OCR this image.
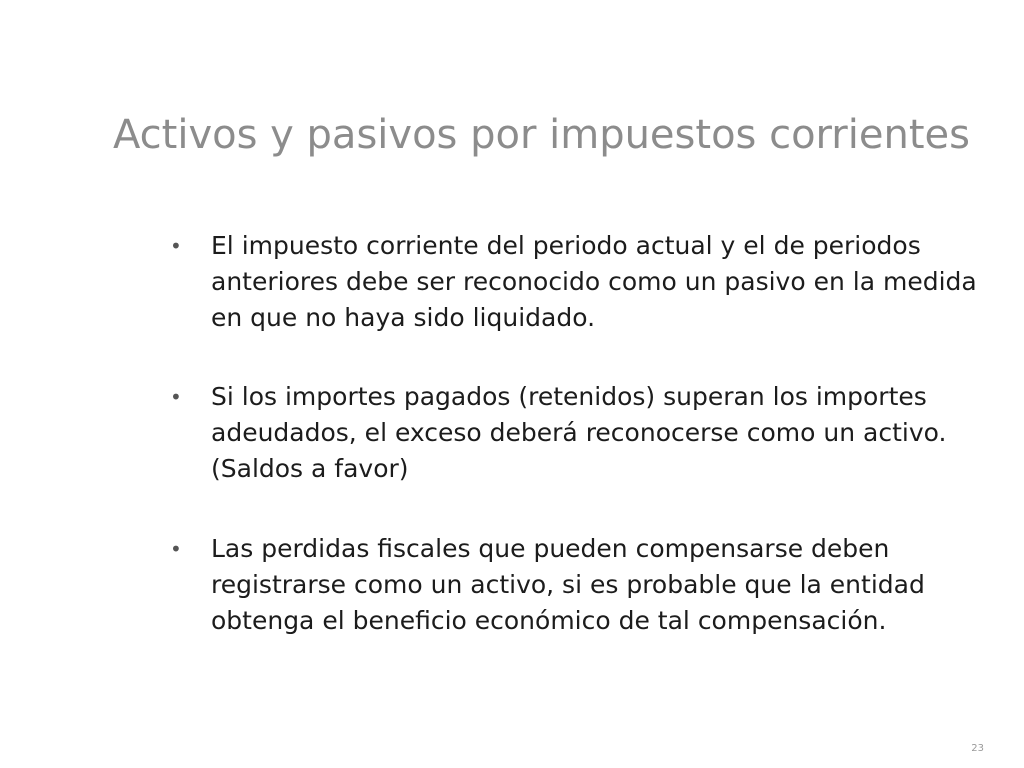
Activos y pasivos por impuestos corrientes
•	El impuesto corriente del periodo actual y el de periodos anteriores debe ser reconocido como un pasivo en la medida en que no haya sido liquidado.
•	Si los importes pagados (retenidos) superan los importes adeudados, el exceso deberá reconocerse como un activo. (Saldos a favor)
•	Las perdidas fiscales que pueden compensarse deben registrarse como un activo, si es probable que la entidad obtenga el beneficio económico de tal compensación.
23
